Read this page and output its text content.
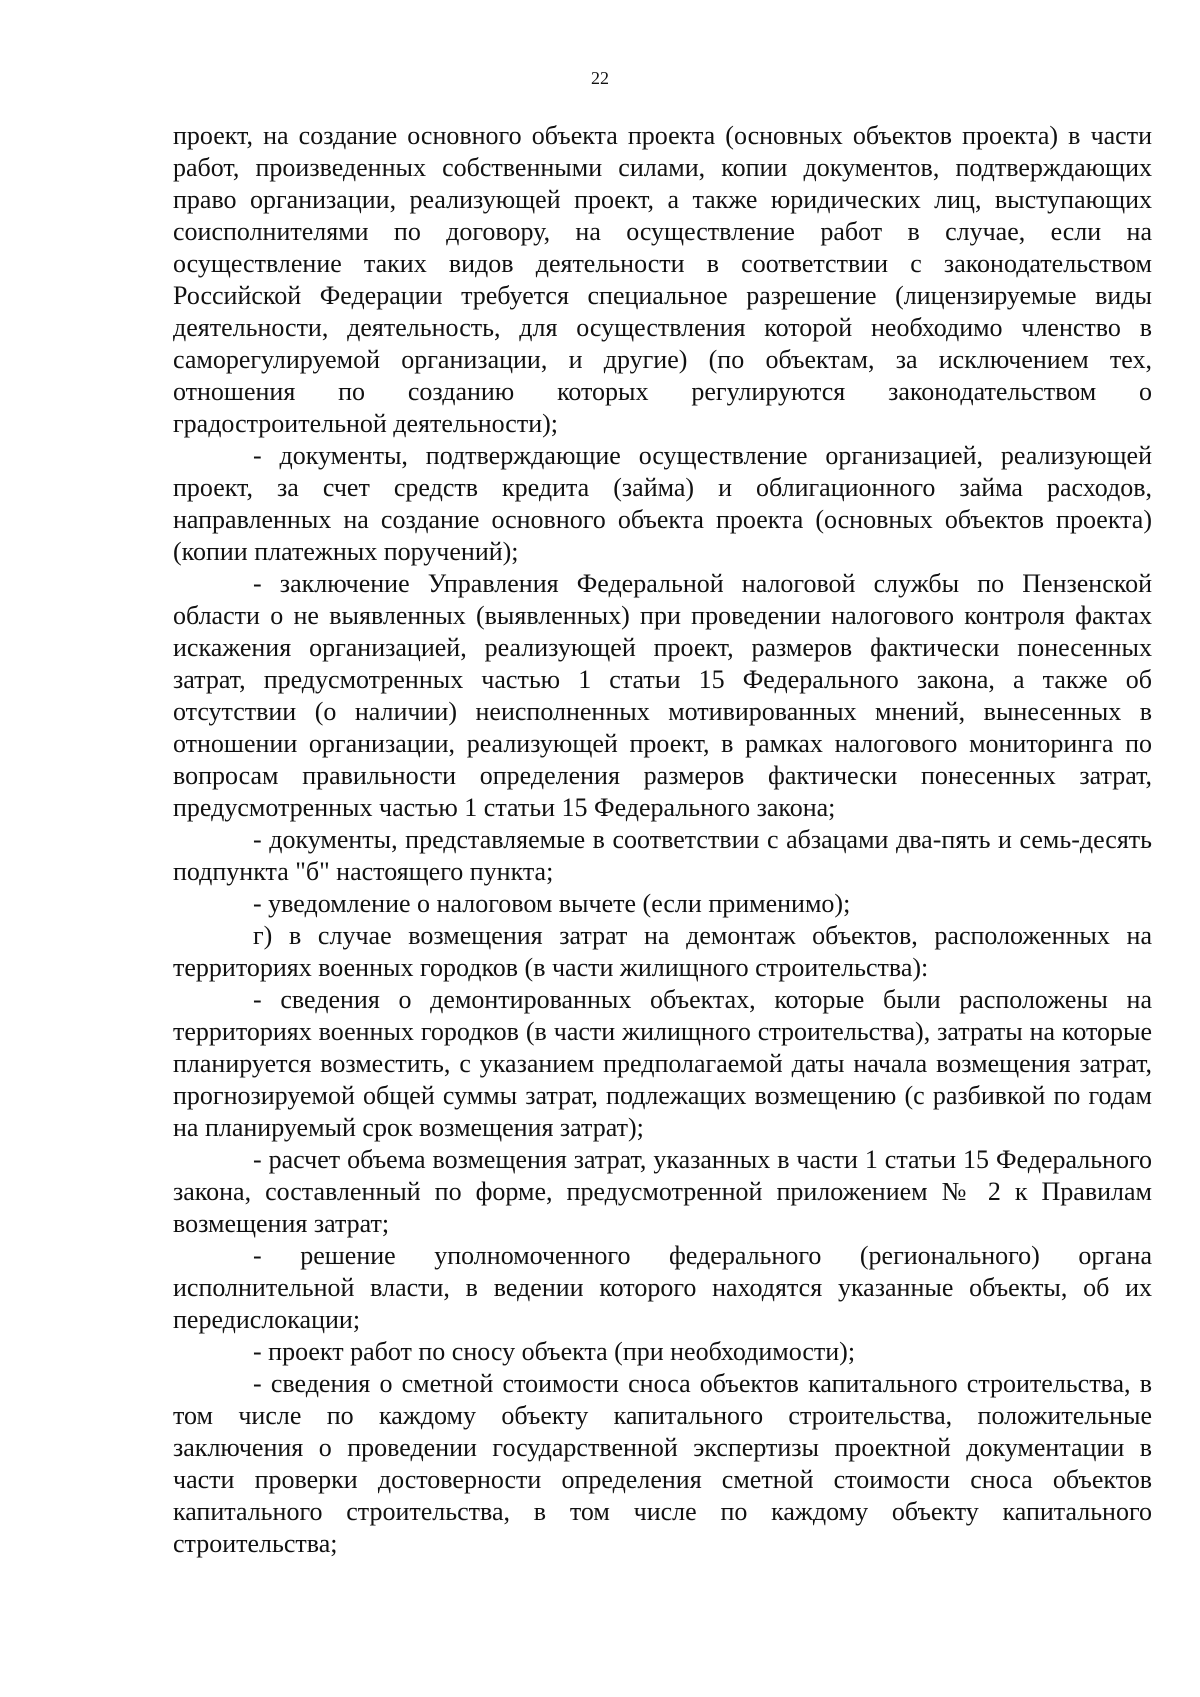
22

проект, на создание основного объекта проекта (основных объектов проекта) в части работ, произведенных собственными силами, копии документов, подтверждающих право организации, реализующей проект, а также юридических лиц, выступающих соисполнителями по договору, на осуществление работ в случае, если на осуществление таких видов деятельности в соответствии с законодательством Российской Федерации требуется специальное разрешение (лицензируемые виды деятельности, деятельность, для осуществления которой необходимо членство в саморегулируемой организации, и другие) (по объектам, за исключением тех, отношения по созданию которых регулируются законодательством о градостроительной деятельности);

- документы, подтверждающие осуществление организацией, реализующей проект, за счет средств кредита (займа) и облигационного займа расходов, направленных на создание основного объекта проекта (основных объектов проекта) (копии платежных поручений);

- заключение Управления Федеральной налоговой службы по Пензенской области о не выявленных (выявленных) при проведении налогового контроля фактах искажения организацией, реализующей проект, размеров фактически понесенных затрат, предусмотренных частью 1 статьи 15 Федерального закона, а также об отсутствии (о наличии) неисполненных мотивированных мнений, вынесенных в отношении организации, реализующей проект, в рамках налогового мониторинга по вопросам правильности определения размеров фактически понесенных затрат, предусмотренных частью 1 статьи 15 Федерального закона;

- документы, представляемые в соответствии с абзацами два-пять и семь-десять подпункта "б" настоящего пункта;

- уведомление о налоговом вычете (если применимо);

г) в случае возмещения затрат на демонтаж объектов, расположенных на территориях военных городков (в части жилищного строительства):

- сведения о демонтированных объектах, которые были расположены на территориях военных городков (в части жилищного строительства), затраты на которые планируется возместить, с указанием предполагаемой даты начала возмещения затрат, прогнозируемой общей суммы затрат, подлежащих возмещению (с разбивкой по годам на планируемый срок возмещения затрат);

- расчет объема возмещения затрат, указанных в части 1 статьи 15 Федерального закона, составленный по форме, предусмотренной приложением № 2 к Правилам возмещения затрат;

- решение уполномоченного федерального (регионального) органа исполнительной власти, в ведении которого находятся указанные объекты, об их передислокации;

- проект работ по сносу объекта (при необходимости);

- сведения о сметной стоимости сноса объектов капитального строительства, в том числе по каждому объекту капитального строительства, положительные заключения о проведении государственной экспертизы проектной документации в части проверки достоверности определения сметной стоимости сноса объектов капитального строительства, в том числе по каждому объекту капитального строительства;
